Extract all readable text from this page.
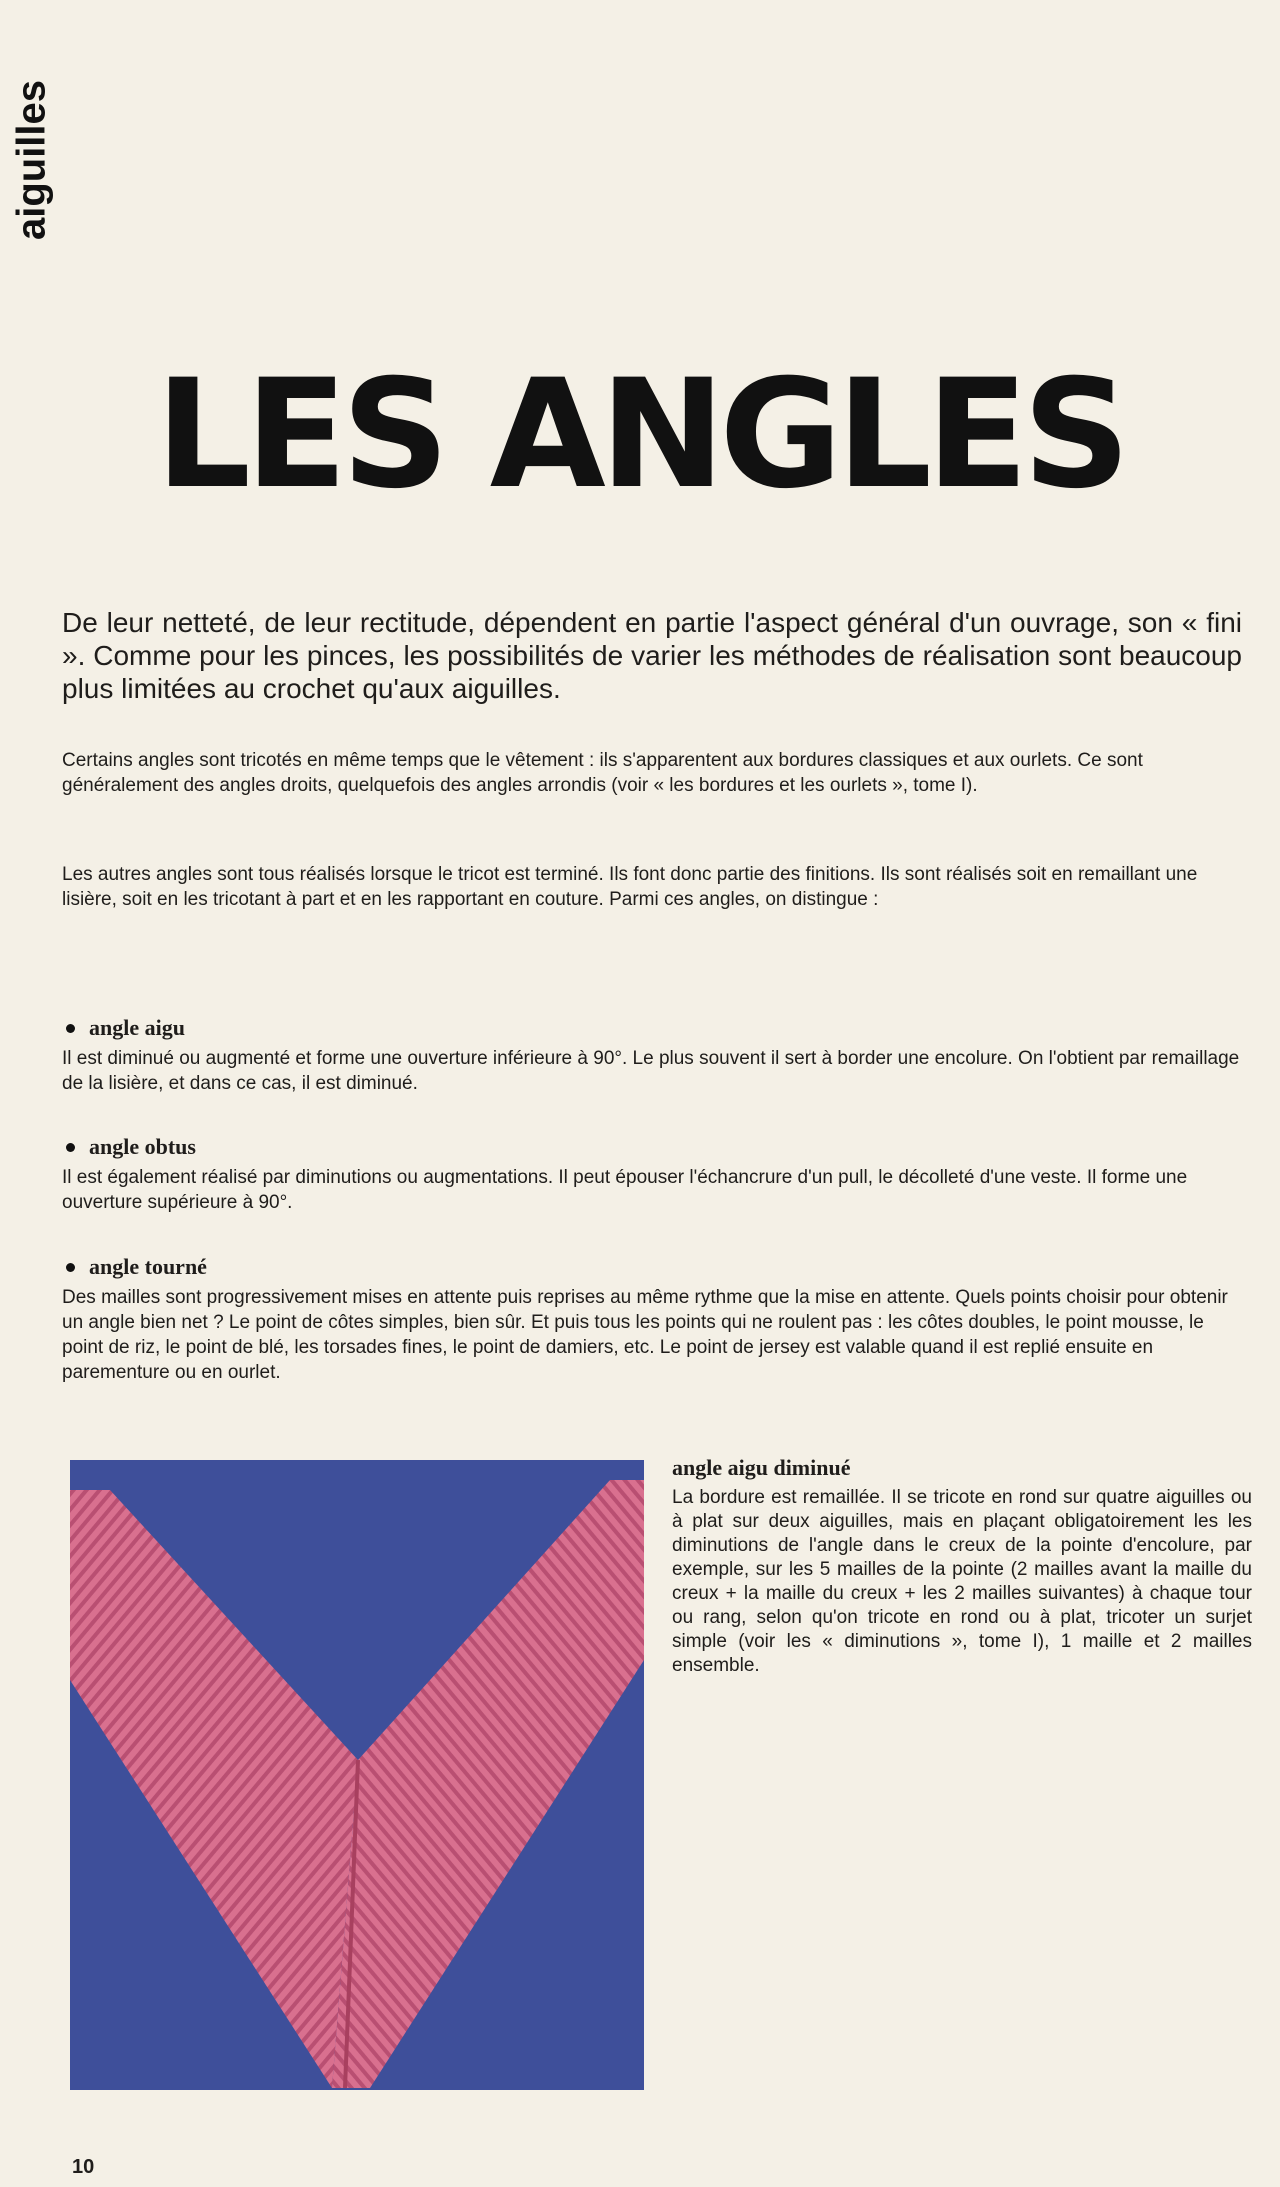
aiguilles
LES ANGLES

De leur netteté, de leur rectitude, dépendent en partie l'aspect général d'un ouvrage, son « fini ». Comme pour les pinces, les possibilités de varier les méthodes de réalisation sont beaucoup plus limitées au crochet qu'aux aiguilles.

Certains angles sont tricotés en même temps que le vêtement : ils s'apparentent aux bordures classiques et aux ourlets. Ce sont généralement des angles droits, quelquefois des angles arrondis (voir « les bordures et les ourlets », tome I).

Les autres angles sont tous réalisés lorsque le tricot est terminé. Ils font donc partie des finitions. Ils sont réalisés soit en remaillant une lisière, soit en les tricotant à part et en les rapportant en couture. Parmi ces angles, on distingue :

angle aigu

Il est diminué ou augmenté et forme une ouverture inférieure à 90°. Le plus souvent il sert à border une encolure. On l'obtient par remaillage de la lisière, et dans ce cas, il est diminué.

angle obtus

Il est également réalisé par diminutions ou augmentations. Il peut épouser l'échancrure d'un pull, le décolleté d'une veste. Il forme une ouverture supérieure à 90°.

angle tourné

Des mailles sont progressivement mises en attente puis reprises au même rythme que la mise en attente. Quels points choisir pour obtenir un angle bien net ? Le point de côtes simples, bien sûr. Et puis tous les points qui ne roulent pas : les côtes doubles, le point mousse, le point de riz, le point de blé, les torsades fines, le point de damiers, etc. Le point de jersey est valable quand il est replié ensuite en parementure ou en ourlet.

angle aigu diminué

La bordure est remaillée. Il se tricote en rond sur quatre aiguilles ou à plat sur deux aiguilles, mais en plaçant obligatoirement les les diminutions de l'angle dans le creux de la pointe d'encolure, par exemple, sur les 5 mailles de la pointe (2 mailles avant la maille du creux + la maille du creux + les 2 mailles suivantes) à chaque tour ou rang, selon qu'on tricote en rond ou à plat, tricoter un surjet simple (voir les « diminutions », tome I), 1 maille et 2 mailles ensemble.

10
